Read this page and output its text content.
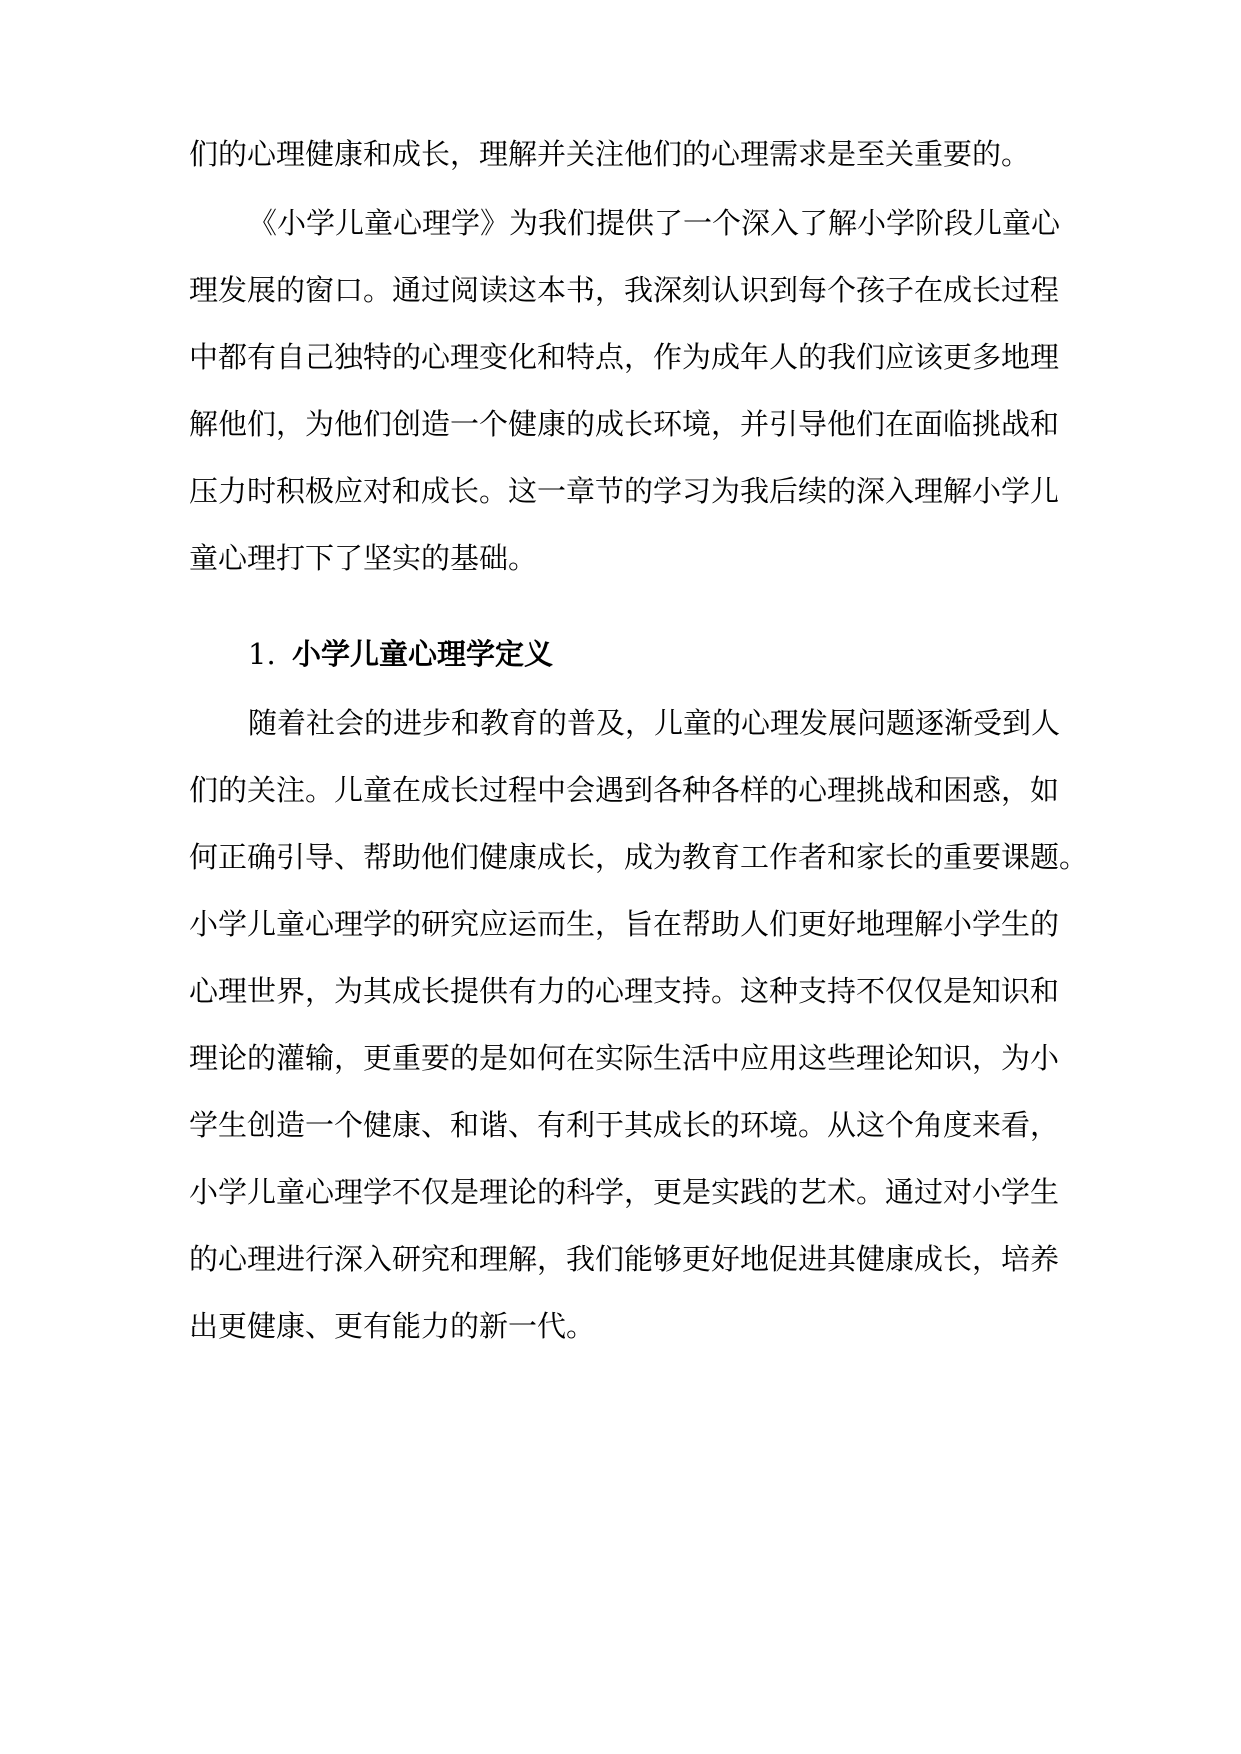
们的心理健康和成长，理解并关注他们的心理需求是至关重要的。
《小学儿童心理学》为我们提供了一个深入了解小学阶段儿童心
理发展的窗口。通过阅读这本书，我深刻认识到每个孩子在成长过程
中都有自己独特的心理变化和特点，作为成年人的我们应该更多地理
解他们，为他们创造一个健康的成长环境，并引导他们在面临挑战和
压力时积极应对和成长。这一章节的学习为我后续的深入理解小学儿
童心理打下了坚实的基础。
1. 小学儿童心理学定义
随着社会的进步和教育的普及，儿童的心理发展问题逐渐受到人
们的关注。儿童在成长过程中会遇到各种各样的心理挑战和困惑，如
何正确引导、帮助他们健康成长，成为教育工作者和家长的重要课题。
小学儿童心理学的研究应运而生，旨在帮助人们更好地理解小学生的
心理世界，为其成长提供有力的心理支持。这种支持不仅仅是知识和
理论的灌输，更重要的是如何在实际生活中应用这些理论知识，为小
学生创造一个健康、和谐、有利于其成长的环境。从这个角度来看，
小学儿童心理学不仅是理论的科学，更是实践的艺术。通过对小学生
的心理进行深入研究和理解，我们能够更好地促进其健康成长，培养
出更健康、更有能力的新一代。
